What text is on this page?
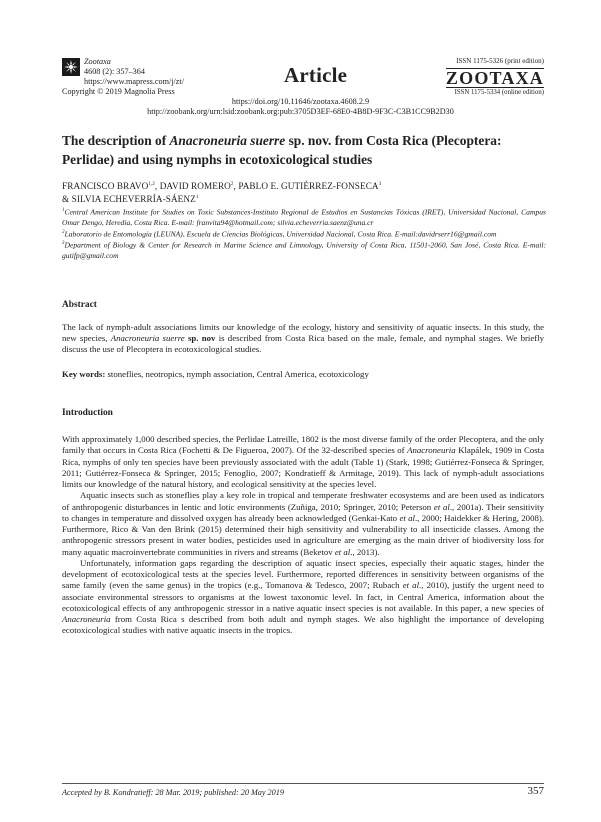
Zootaxa
4608 (2): 357–364
https://www.mapress.com/j/zt/
Copyright © 2019 Magnolia Press
Article
ISSN 1175-5326 (print edition)
ZOOTAXA
ISSN 1175-5334 (online edition)
https://doi.org/10.11646/zootaxa.4608.2.9
http://zoobank.org/urn:lsid:zoobank.org:pub:3705D3EF-68E0-4B8D-9F3C-C3B1CC9B2D30
The description of Anacroneuria suerre sp. nov. from Costa Rica (Plecoptera: Perlidae) and using nymphs in ecotoxicological studies
FRANCISCO BRAVO$^{1,2}$, DAVID ROMERO$^2$, PABLO E. GUTIÉRREZ-FONSECA$^3$
& SILVIA ECHEVERRÍA-SÁENZ$^1$

$^1$Central American Institute for Studies on Toxic Substances-Instituto Regional de Estudios en Sustancias Tóxicas (IRET), Universidad Nacional, Campus Omar Dengo, Heredia, Costa Rica. E-mail: franvita94@hotmail.com; silvia.echeverria.saenz@una.cr

$^2$Laboratorio de Entomología (LEUNA), Escuela de Ciencias Biológicas, Universidad Nacional, Costa Rica. E-mail:davidrserr16@gmail.com

$^3$Department of Biology & Center for Research in Marine Science and Limnology, University of Costa Rica, 11501-2060, San José, Costa Rica. E-mail: gutifp@gmail.com

Abstract
The lack of nymph-adult associations limits our knowledge of the ecology, history and sensitivity of aquatic insects. In this study, the new species, Anacroneuria suerre sp. nov is described from Costa Rica based on the male, female, and nymphal stages. We briefly discuss the use of Plecoptera in ecotoxicological studies.
Key words: stoneflies, neotropics, nymph association, Central America, ecotoxicology
Introduction

With approximately 1,000 described species, the Perlidae Latreille, 1802 is the most diverse family of the order Plecoptera, and the only family that occurs in Costa Rica (Fochetti & De Figueroa, 2007). Of the 32-described species of Anacroneuria Klapálek, 1909 in Costa Rica, nymphs of only ten species have been previously associated with the adult (Table 1) (Stark, 1998; Gutiérrez-Fonseca & Springer, 2011; Gutiérrez-Fonseca & Springer, 2015; Fenoglio, 2007; Kondratieff & Armitage, 2019). This lack of nymph-adult associations limits our knowledge of the natural history, and ecological sensitivity at the species level.

Aquatic insects such as stoneflies play a key role in tropical and temperate freshwater ecosystems and are been used as indicators of anthropogenic disturbances in lentic and lotic environments (Zuñiga, 2010; Springer, 2010; Peterson et al., 2001a). Their sensitivity to changes in temperature and dissolved oxygen has already been acknowledged (Genkai-Kato et al., 2000; Haidekker & Hering, 2008). Furthermore, Rico & Van den Brink (2015) determined their high sensitivity and vulnerability to all insecticide classes. Among the anthropogenic stressors present in water bodies, pesticides used in agriculture are emerging as the main driver of biodiversity loss for many aquatic macroinvertebrate communities in rivers and streams (Beketov et al., 2013).

Unfortunately, information gaps regarding the description of aquatic insect species, especially their aquatic stages, hinder the development of ecotoxicological tests at the species level. Furthermore, reported differences in sensitivity between organisms of the same family (even the same genus) in the tropics (e.g., Tomanova & Tedesco, 2007; Rubach et al., 2010), justify the urgent need to associate environmental stressors to organisms at the lowest taxonomic level. In fact, in Central America, information about the ecotoxicological effects of any anthropogenic stressor in a native aquatic insect species is not available. In this paper, a new species of Anacroneuria from Costa Rica s described from both adult and nymph stages. We also highlight the importance of developing ecotoxicological studies with native aquatic insects in the tropics.

Accepted by B. Kondratieff: 28 Mar. 2019; published: 20 May 2019	357
